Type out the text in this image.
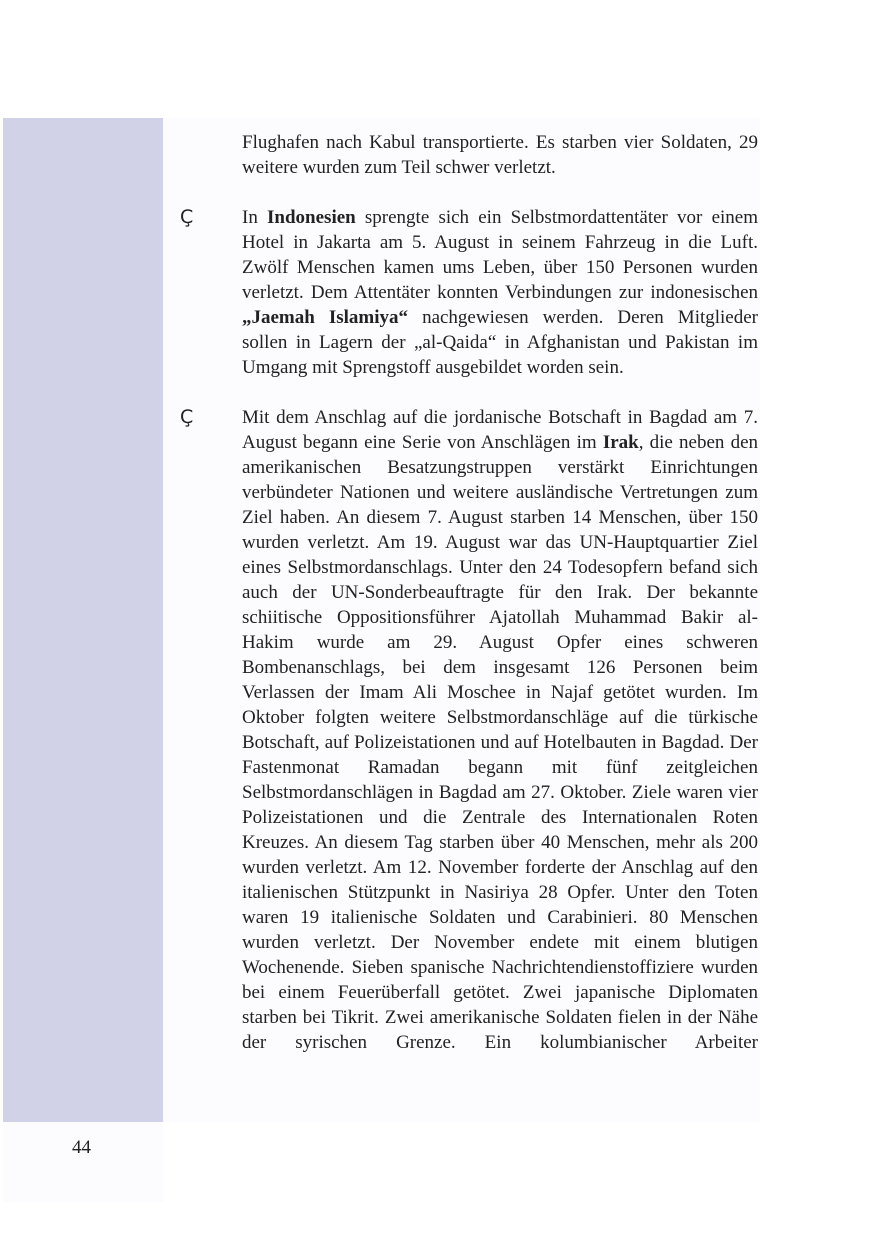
44

Flughafen nach Kabul transportierte. Es starben vier Soldaten, 29 weitere wurden zum Teil schwer verletzt.

Ç	In Indonesien sprengte sich ein Selbstmordattentäter vor einem Hotel in Jakarta am 5. August in seinem Fahrzeug in die Luft. Zwölf Menschen kamen ums Leben, über 150 Personen wurden verletzt. Dem Attentäter konnten Verbindungen zur indonesischen „Jaemah Islamiya“ nachgewiesen werden. Deren Mitglieder sollen in Lagern der „al-Qaida“ in Afghanistan und Pakistan im Umgang mit Sprengstoff ausgebildet worden sein.

Ç	Mit dem Anschlag auf die jordanische Botschaft in Bagdad am 7. August begann eine Serie von Anschlägen im Irak, die neben den amerikanischen Besatzungstruppen verstärkt Einrichtungen verbündeter Nationen und weitere ausländische Vertretungen zum Ziel haben. An diesem 7. August starben 14 Menschen, über 150 wurden verletzt. Am 19. August war das UN-Hauptquartier Ziel eines Selbstmordanschlags. Unter den 24 Todesopfern befand sich auch der UN-Sonderbeauftragte für den Irak. Der bekannte schiitische Oppositionsführer Ajatollah Muhammad Bakir al-Hakim wurde am 29. August Opfer eines schweren Bombenanschlags, bei dem insgesamt 126 Personen beim Verlassen der Imam Ali Moschee in Najaf getötet wurden. Im Oktober folgten weitere Selbstmordanschläge auf die türkische Botschaft, auf Polizeistationen und auf Hotelbauten in Bagdad. Der Fastenmonat Ramadan begann mit fünf zeitgleichen Selbstmordanschlägen in Bagdad am 27. Oktober. Ziele waren vier Polizeistationen und die Zentrale des Internationalen Roten Kreuzes. An diesem Tag starben über 40 Menschen, mehr als 200 wurden verletzt. Am 12. November forderte der Anschlag auf den italienischen Stützpunkt in Nasiriya 28 Opfer. Unter den Toten waren 19 italienische Soldaten und Carabinieri. 80 Menschen wurden verletzt. Der November endete mit einem blutigen Wochenende. Sieben spanische Nachrichtendienstoffiziere wurden bei einem Feuerüberfall getötet. Zwei japanische Diplomaten starben bei Tikrit. Zwei amerikanische Soldaten fielen in der Nähe der syrischen Grenze. Ein kolumbianischer Arbeiter
